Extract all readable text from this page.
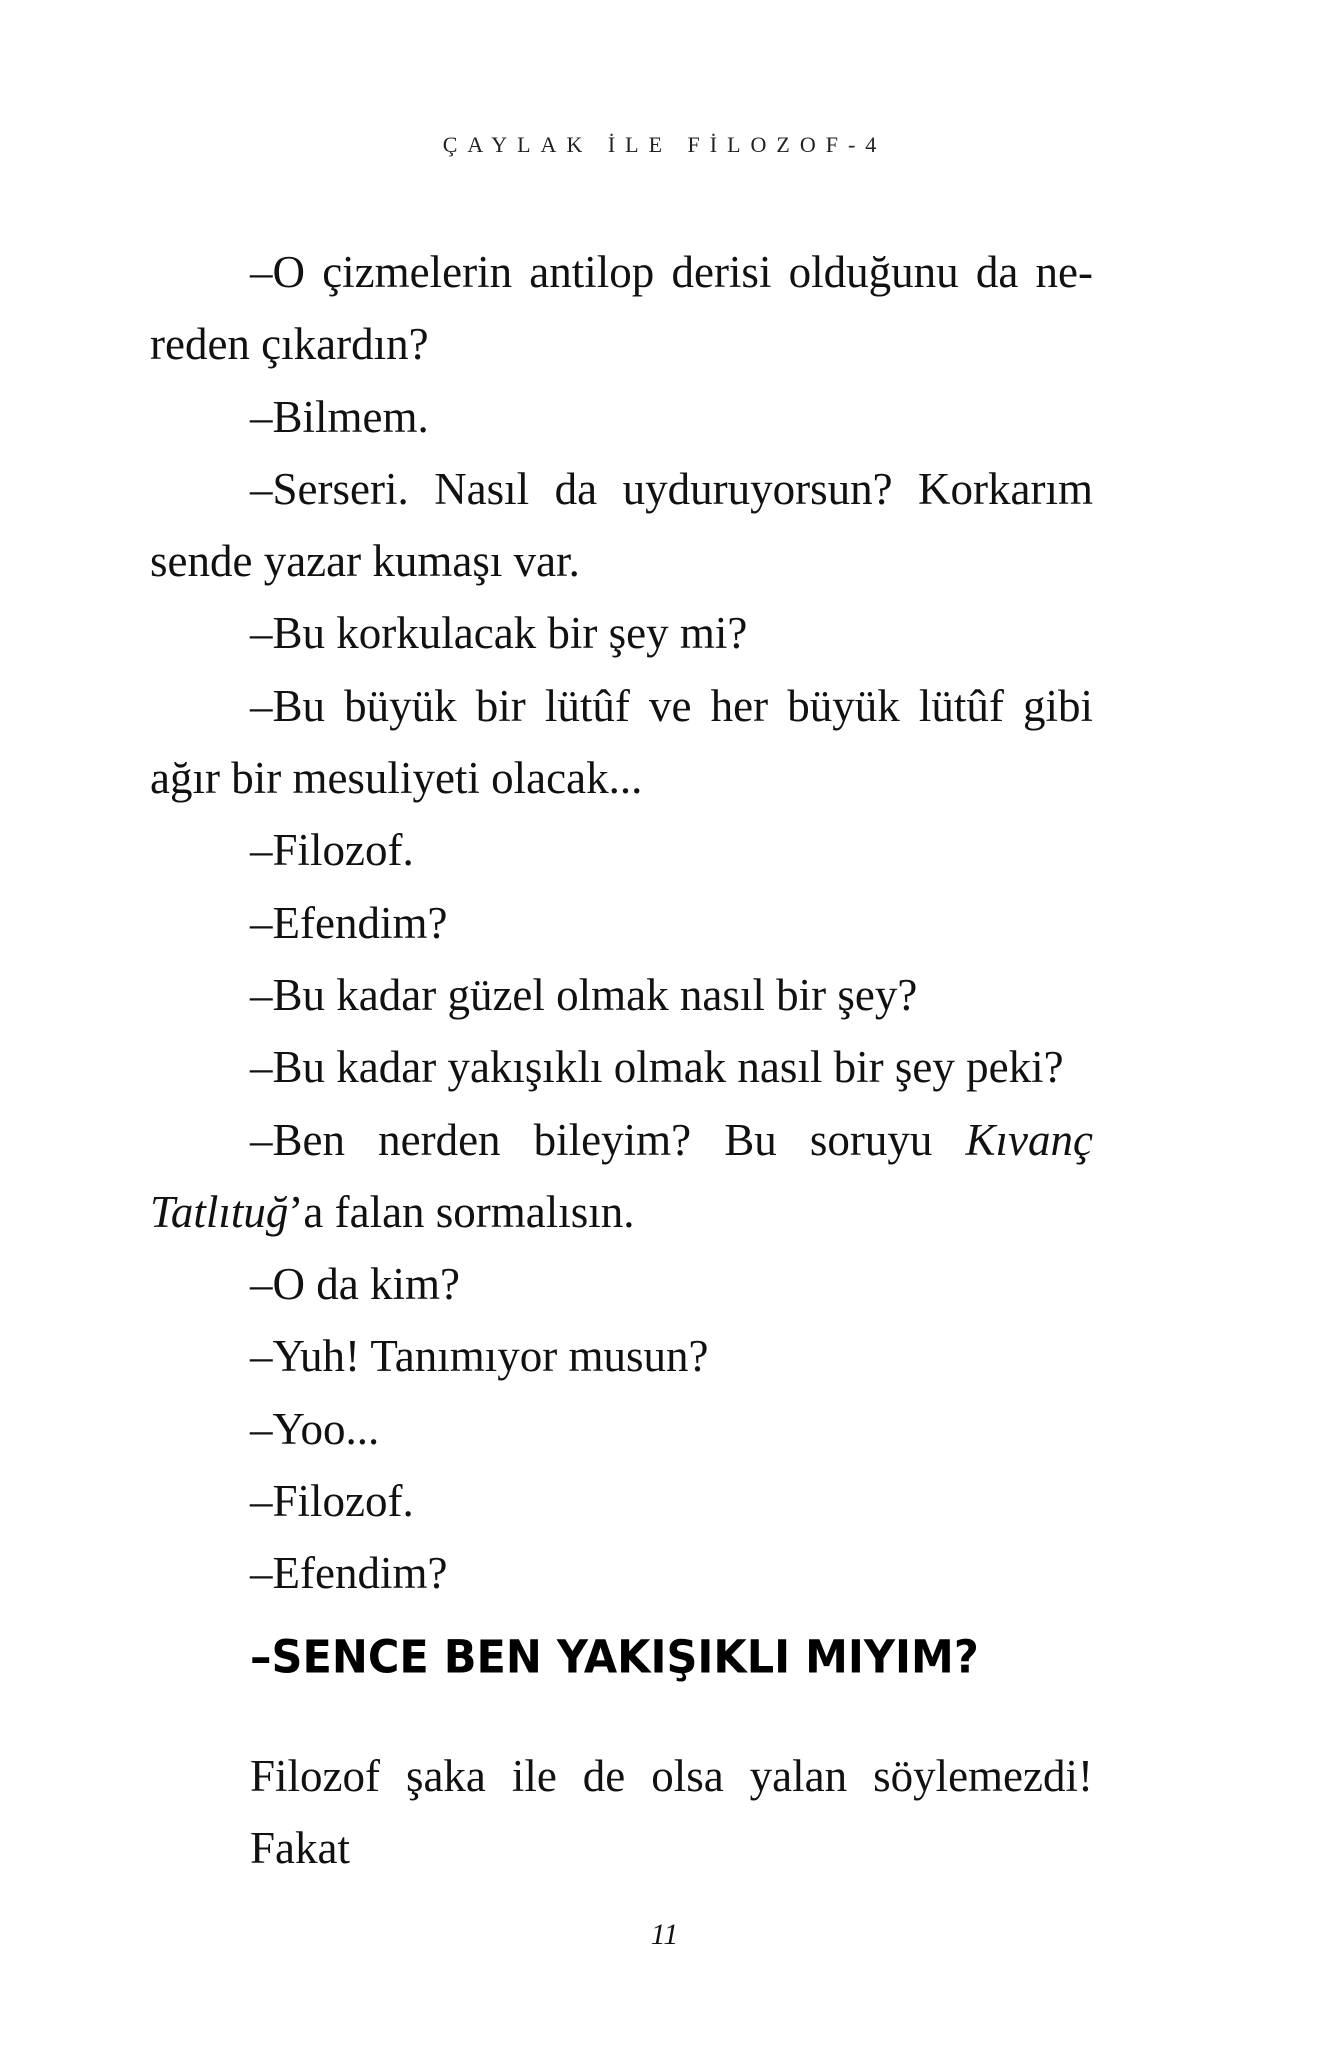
ÇAYLAK İLE FİLOZOF-4

–O çizmelerin antilop derisi olduğunu da ne-
reden çıkardın?

–Bilmem.

–Serseri. Nasıl da uyduruyorsun? Korkarım
sende yazar kumaşı var.

–Bu korkulacak bir şey mi?

–Bu büyük bir lütûf ve her büyük lütûf gibi
ağır bir mesuliyeti olacak...

–Filozof.

–Efendim?

–Bu kadar güzel olmak nasıl bir şey?

–Bu kadar yakışıklı olmak nasıl bir şey peki?

–Ben nerden bileyim? Bu soruyu Kıvanç
Tatlıtuğ’a falan sormalısın.

–O da kim?

–Yuh! Tanımıyor musun?

–Yoo...

–Filozof.

–Efendim?

–SENCE BEN YAKIŞIKLI MIYIM?

Filozof şaka ile de olsa yalan söylemezdi! Fakat
11
